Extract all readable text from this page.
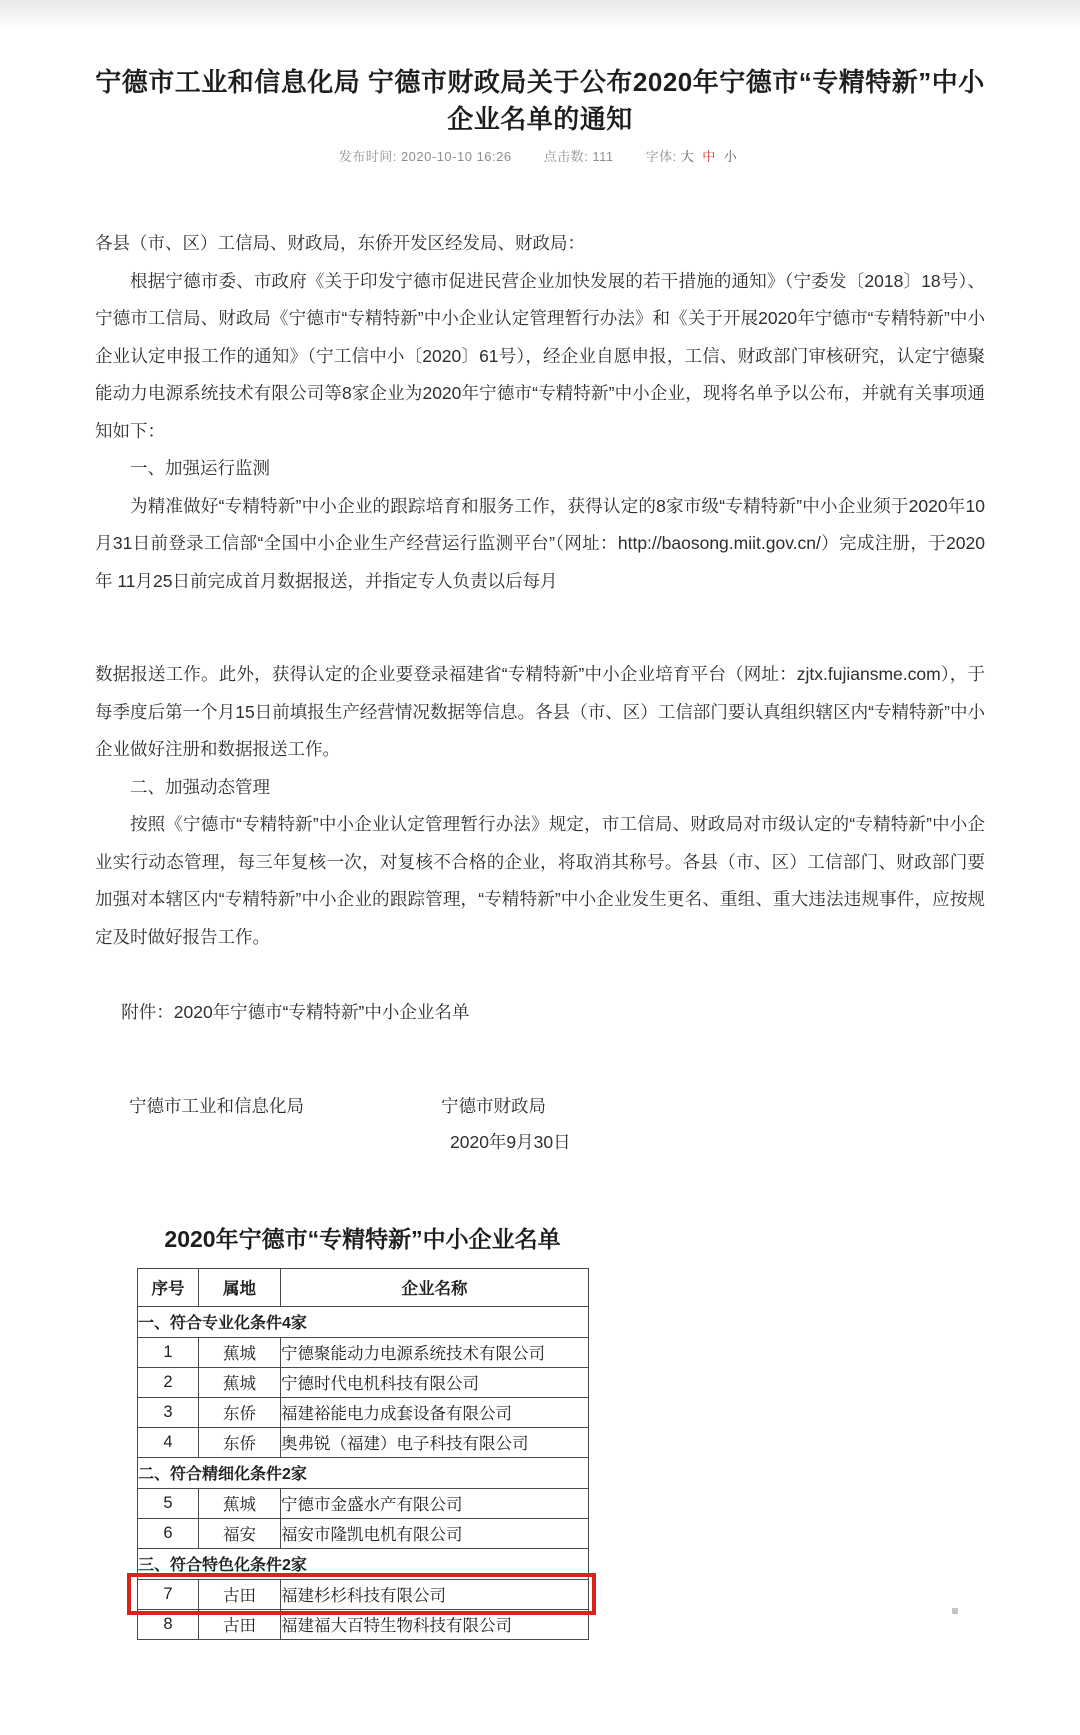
宁德市工业和信息化局 宁德市财政局关于公布2020年宁德市“专精特新”中小企业名单的通知
发布时间: 2020-10-10 16:26 点击数: 111 字体: 大 中 小

各县（市、区）工信局、财政局，东侨开发区经发局、财政局：

根据宁德市委、市政府《关于印发宁德市促进民营企业加快发展的若干措施的通知》（宁委发〔2018〕18号）、宁德市工信局、财政局《宁德市“专精特新”中小企业认定管理暂行办法》和《关于开展2020年宁德市“专精特新”中小企业认定申报工作的通知》（宁工信中小〔2020〕61号），经企业自愿申报，工信、财政部门审核研究，认定宁德聚能动力电源系统技术有限公司等8家企业为2020年宁德市“专精特新”中小企业，现将名单予以公布，并就有关事项通知如下：

一、加强运行监测

为精准做好“专精特新”中小企业的跟踪培育和服务工作，获得认定的8家市级“专精特新”中小企业须于2020年10月31日前登录工信部“全国中小企业生产经营运行监测平台”（网址：http://baosong.miit.gov.cn/）完成注册，于2020年 11月25日前完成首月数据报送，并指定专人负责以后每月

数据报送工作。此外，获得认定的企业要登录福建省“专精特新”中小企业培育平台（网址：zjtx.fujiansme.com），于每季度后第一个月15日前填报生产经营情况数据等信息。各县（市、区）工信部门要认真组织辖区内“专精特新”中小企业做好注册和数据报送工作。

二、加强动态管理

按照《宁德市“专精特新”中小企业认定管理暂行办法》规定，市工信局、财政局对市级认定的“专精特新”中小企业实行动态管理，每三年复核一次，对复核不合格的企业，将取消其称号。各县（市、区）工信部门、财政部门要加强对本辖区内“专精特新”中小企业的跟踪管理，“专精特新”中小企业发生更名、重组、重大违法违规事件，应按规定及时做好报告工作。

附件：2020年宁德市“专精特新”中小企业名单

宁德市工业和信息化局	宁德市财政局
2020年9月30日
2020年宁德市“专精特新”中小企业名单
序号	属地	企业名称
一、符合专业化条件4家		
1	蕉城	宁德聚能动力电源系统技术有限公司
2	蕉城	宁德时代电机科技有限公司
3	东侨	福建裕能电力成套设备有限公司
4	东侨	奥弗锐（福建）电子科技有限公司
二、符合精细化条件2家		
5	蕉城	宁德市金盛水产有限公司
6	福安	福安市隆凯电机有限公司
三、符合特色化条件2家		
7	古田	福建杉杉科技有限公司
8	古田	福建福大百特生物科技有限公司
